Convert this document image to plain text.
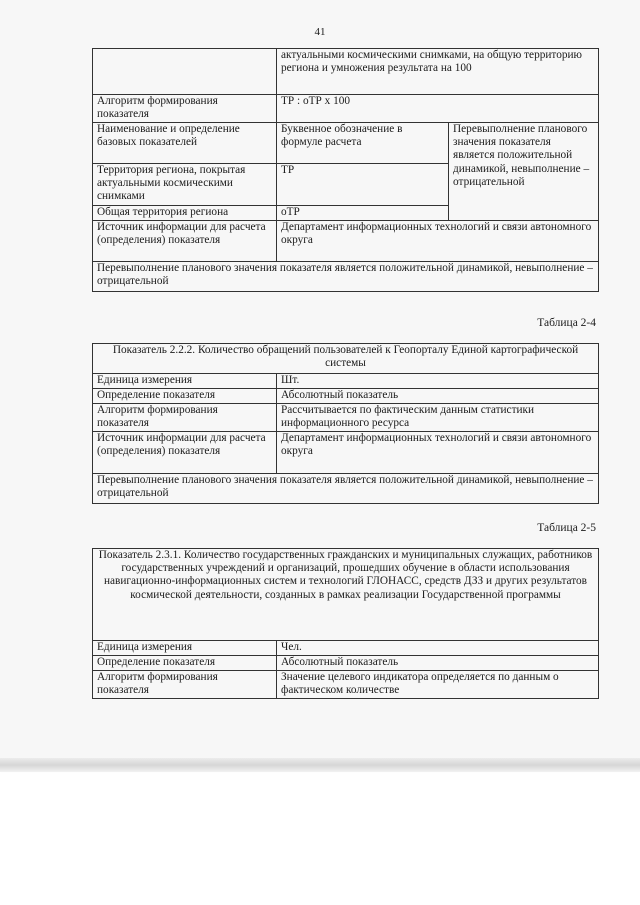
41
	актуальными космическими снимками, на общую территорию региона и умножения результата на 100	
Алгоритм формирования показателя	ТР : оТР х 100	
Наименование и определение базовых показателей	Буквенное обозначение в формуле расчета	Перевыполнение планового значения показателя является положительной динамикой, невыполнение – отрицательной
Территория региона, покрытая актуальными космическими снимками	ТР	
Общая территория региона	оТР	
Источник информации для расчета (определения) показателя	Департамент информационных технологий и связи автономного округа	
Перевыполнение планового значения показателя является положительной динамикой, невыполнение – отрицательной		
Таблица 2-4
Показатель 2.2.2. Количество обращений пользователей к Геопорталу Единой картографической системы	
Единица измерения	Шт.
Определение показателя	Абсолютный показатель
Алгоритм формирования показателя	Рассчитывается по фактическим данным статистики информационного ресурса
Источник информации для расчета (определения) показателя	Департамент информационных технологий и связи автономного округа
Перевыполнение планового значения показателя является положительной динамикой, невыполнение – отрицательной	
Таблица 2-5
Показатель 2.3.1. Количество государственных гражданских и муниципальных служащих, работников государственных учреждений и организаций, прошедших обучение в области использования навигационно-информационных систем и технологий ГЛОНАСС, средств ДЗЗ и других результатов космической деятельности, созданных в рамках реализации Государственной программы	
Единица измерения	Чел.
Определение показателя	Абсолютный показатель
Алгоритм формирования показателя	Значение целевого индикатора определяется по данным о фактическом количестве
